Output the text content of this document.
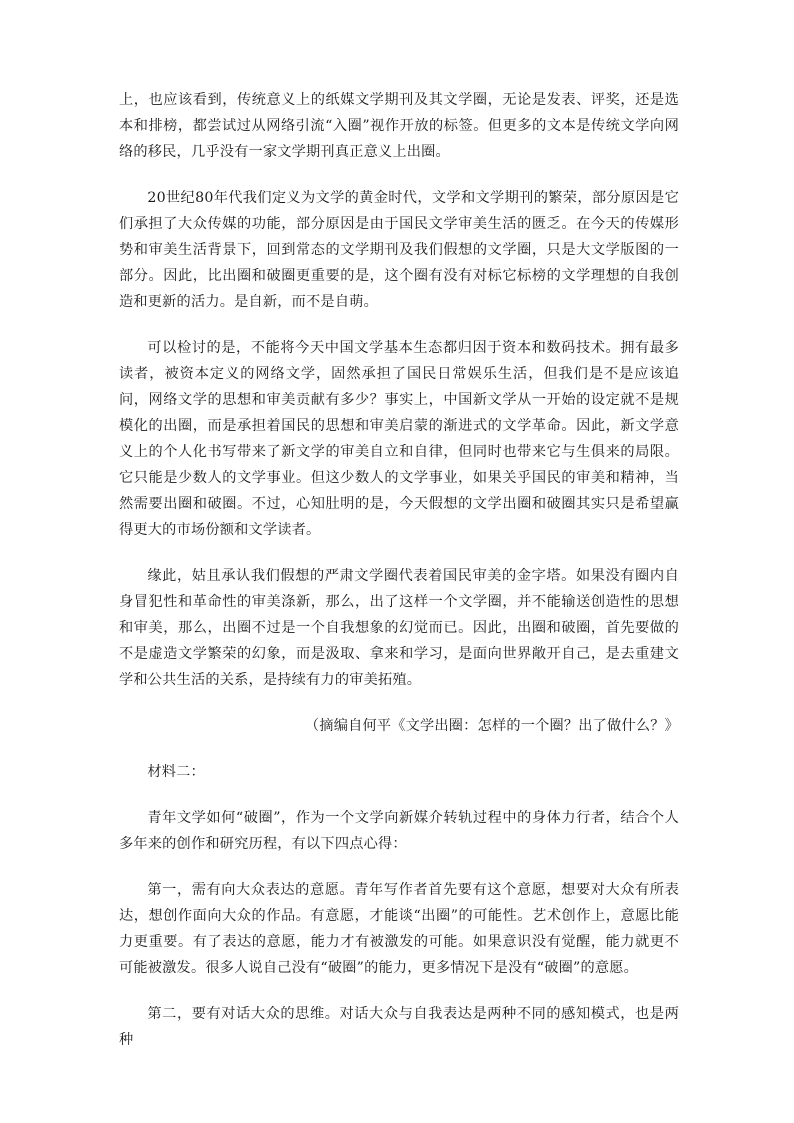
上，也应该看到，传统意义上的纸媒文学期刊及其文学圈，无论是发表、评奖，还是选本和排榜，都尝试过从网络引流“入圈”视作开放的标签。但更多的文本是传统文学向网络的移民，几乎没有一家文学期刊真正意义上出圈。

20世纪80年代我们定义为文学的黄金时代，文学和文学期刊的繁荣，部分原因是它们承担了大众传媒的功能，部分原因是由于国民文学审美生活的匮乏。在今天的传媒形势和审美生活背景下，回到常态的文学期刊及我们假想的文学圈，只是大文学版图的一部分。因此，比出圈和破圈更重要的是，这个圈有没有对标它标榜的文学理想的自我创造和更新的活力。是自新，而不是自萌。

可以检讨的是，不能将今天中国文学基本生态都归因于资本和数码技术。拥有最多读者，被资本定义的网络文学，固然承担了国民日常娱乐生活，但我们是不是应该追问，网络文学的思想和审美贡献有多少？事实上，中国新文学从一开始的设定就不是规模化的出圈，而是承担着国民的思想和审美启蒙的渐进式的文学革命。因此，新文学意义上的个人化书写带来了新文学的审美自立和自律，但同时也带来它与生俱来的局限。它只能是少数人的文学事业。但这少数人的文学事业，如果关乎国民的审美和精神，当然需要出圈和破圈。不过，心知肚明的是，今天假想的文学出圈和破圈其实只是希望赢得更大的市场份额和文学读者。

缘此，姑且承认我们假想的严肃文学圈代表着国民审美的金字塔。如果没有圈内自身冒犯性和革命性的审美涤新，那么，出了这样一个文学圈，并不能输送创造性的思想和审美，那么，出圈不过是一个自我想象的幻觉而已。因此，出圈和破圈，首先要做的不是虚造文学繁荣的幻象，而是汲取、拿来和学习，是面向世界敞开自己，是去重建文学和公共生活的关系，是持续有力的审美拓殖。

（摘编自何平《文学出圈：怎样的一个圈？出了做什么？》

材料二：

青年文学如何“破圈”，作为一个文学向新媒介转轨过程中的身体力行者，结合个人多年来的创作和研究历程，有以下四点心得：

第一，需有向大众表达的意愿。青年写作者首先要有这个意愿，想要对大众有所表达，想创作面向大众的作品。有意愿，才能谈“出圈”的可能性。艺术创作上，意愿比能力更重要。有了表达的意愿，能力才有被激发的可能。如果意识没有觉醒，能力就更不可能被激发。很多人说自己没有“破圈”的能力，更多情况下是没有“破圈”的意愿。

第二，要有对话大众的思维。对话大众与自我表达是两种不同的感知模式，也是两种
